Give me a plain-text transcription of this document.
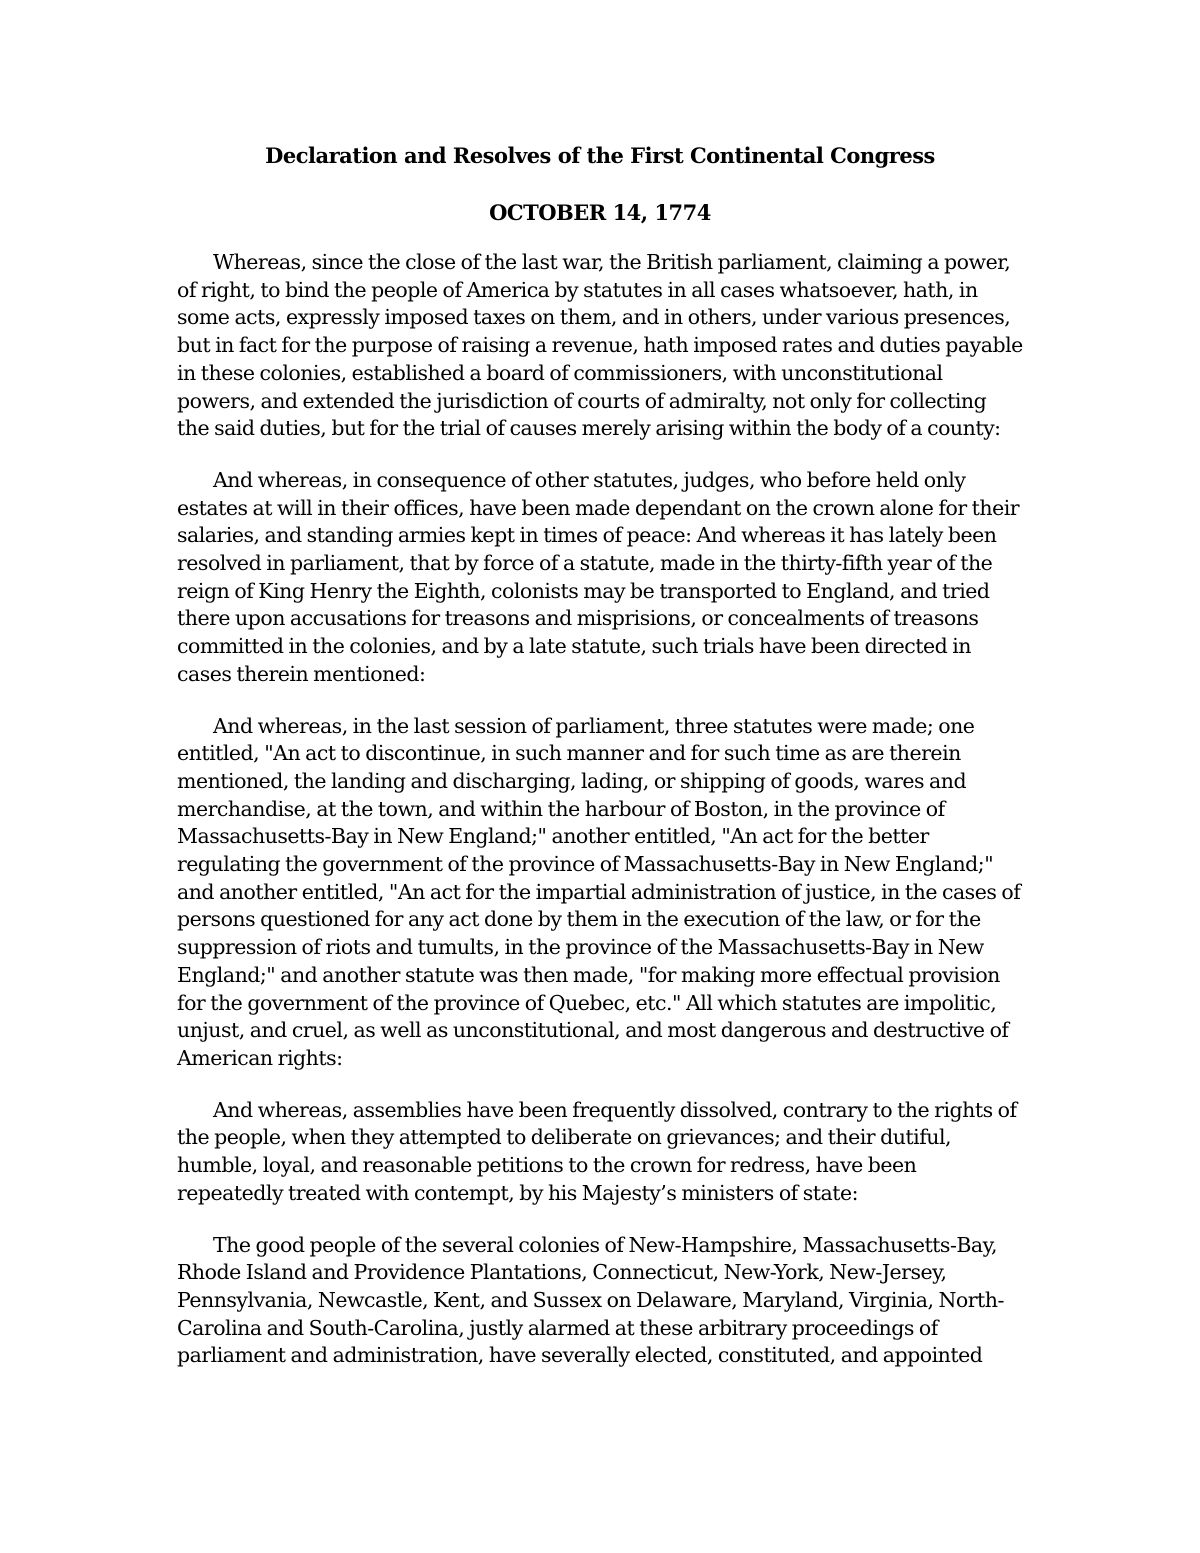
Declaration and Resolves of the First Continental Congress
OCTOBER 14, 1774

Whereas, since the close of the last war, the British parliament, claiming a power, of right, to bind the people of America by statutes in all cases whatsoever, hath, in some acts, expressly imposed taxes on them, and in others, under various presences, but in fact for the purpose of raising a revenue, hath imposed rates and duties payable in these colonies, established a board of commissioners, with unconstitutional powers, and extended the jurisdiction of courts of admiralty, not only for collecting the said duties, but for the trial of causes merely arising within the body of a county:

And whereas, in consequence of other statutes, judges, who before held only estates at will in their offices, have been made dependant on the crown alone for their salaries, and standing armies kept in times of peace: And whereas it has lately been resolved in parliament, that by force of a statute, made in the thirty-fifth year of the reign of King Henry the Eighth, colonists may be transported to England, and tried there upon accusations for treasons and misprisions, or concealments of treasons committed in the colonies, and by a late statute, such trials have been directed in cases therein mentioned:

And whereas, in the last session of parliament, three statutes were made; one entitled, "An act to discontinue, in such manner and for such time as are therein mentioned, the landing and discharging, lading, or shipping of goods, wares and merchandise, at the town, and within the harbour of Boston, in the province of Massachusetts-Bay in New England;" another entitled, "An act for the better regulating the government of the province of Massachusetts-Bay in New England;" and another entitled, "An act for the impartial administration of justice, in the cases of persons questioned for any act done by them in the execution of the law, or for the suppression of riots and tumults, in the province of the Massachusetts-Bay in New England;" and another statute was then made, "for making more effectual provision for the government of the province of Quebec, etc." All which statutes are impolitic, unjust, and cruel, as well as unconstitutional, and most dangerous and destructive of American rights:

And whereas, assemblies have been frequently dissolved, contrary to the rights of the people, when they attempted to deliberate on grievances; and their dutiful, humble, loyal, and reasonable petitions to the crown for redress, have been repeatedly treated with contempt, by his Majesty’s ministers of state:

The good people of the several colonies of New-Hampshire, Massachusetts-Bay, Rhode Island and Providence Plantations, Connecticut, New-York, New-Jersey, Pennsylvania, Newcastle, Kent, and Sussex on Delaware, Maryland, Virginia, North-Carolina and South-Carolina, justly alarmed at these arbitrary proceedings of parliament and administration, have severally elected, constituted, and appointed
